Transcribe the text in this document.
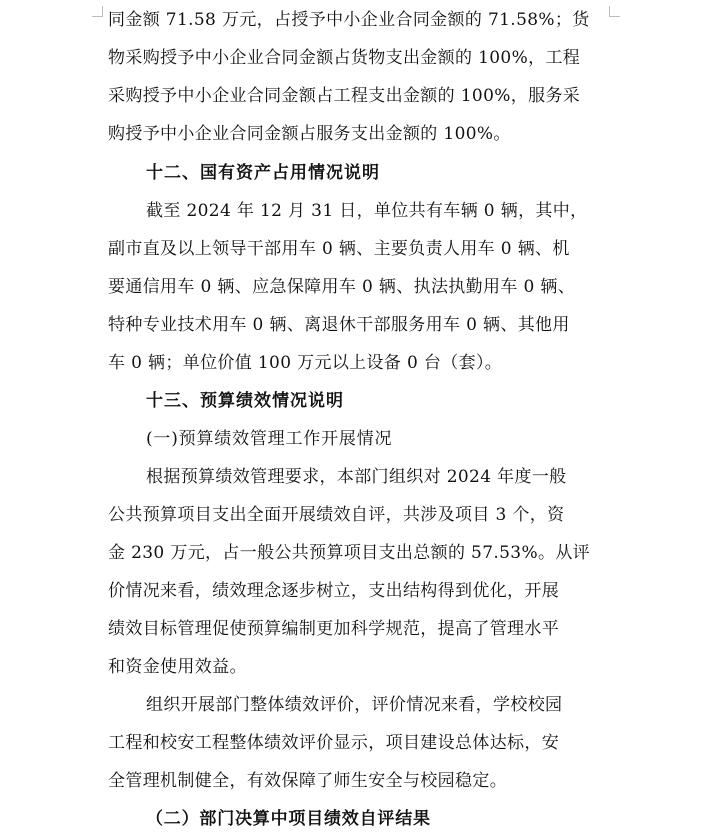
同金额 71.58 万元，占授予中小企业合同金额的 71.58%；货
物采购授予中小企业合同金额占货物支出金额的 100%，工程
采购授予中小企业合同金额占工程支出金额的 100%，服务采
购授予中小企业合同金额占服务支出金额的 100%。
十二、国有资产占用情况说明
截至 2024 年 12 月 31 日，单位共有车辆 0 辆，其中，
副市直及以上领导干部用车 0 辆、主要负责人用车 0 辆、机
要通信用车 0 辆、应急保障用车 0 辆、执法执勤用车 0 辆、
特种专业技术用车 0 辆、离退休干部服务用车 0 辆、其他用
车 0 辆；单位价值 100 万元以上设备 0 台（套）。
十三、预算绩效情况说明
(一)预算绩效管理工作开展情况
根据预算绩效管理要求，本部门组织对 2024 年度一般
公共预算项目支出全面开展绩效自评，共涉及项目 3 个，资
金 230 万元，占一般公共预算项目支出总额的 57.53%。从评
价情况来看，绩效理念逐步树立，支出结构得到优化，开展
绩效目标管理促使预算编制更加科学规范，提高了管理水平
和资金使用效益。
组织开展部门整体绩效评价，评价情况来看，学校校园
工程和校安工程整体绩效评价显示，项目建设总体达标，安
全管理机制健全，有效保障了师生安全与校园稳定。
（二）部门决算中项目绩效自评结果
